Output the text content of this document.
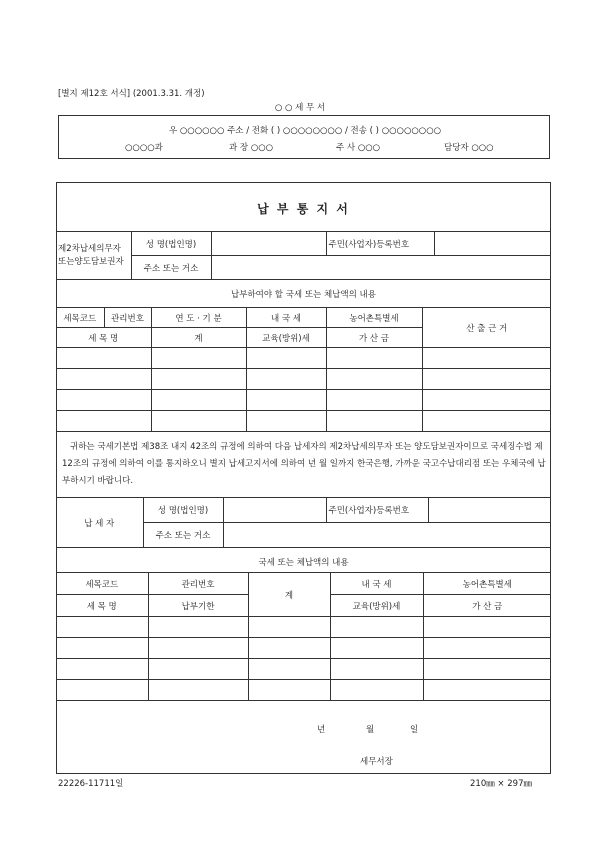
[별지 제12호 서식] (2001.3.31. 개정)
○ ○ 세 무 서
우 ○○○○○○ 주소 / 전화 ( ) ○○○○○○○○ / 전송 ( ) ○○○○○○○○
○○○○과	과 장 ○○○	주 사 ○○○	담당자 ○○○
납 부 통 지 서
제2차납세의무자또는양도담보권자	성 명(법인명)		주민(사업자)등록번호	
	주소 또는 거소			
납부하여야 할 국세 또는 체납액의 내용
세목코드	관리번호	연 도 · 기 분	내 국 세	농어촌특별세	산 출 근 거
세 목 명		계	교육(방위)세	가 산 금	

귀하는 국세기본법 제38조 내지 42조의 규정에 의하여 다음 납세자의 제2차납세의무자 또는 양도담보권자이므로 국세징수법 제12조의 규정에 의하여 이를 통지하오니 별지 납세고지서에 의하여 년 월 일까지 한국은행, 가까운 국고수납대리점 또는 우체국에 납부하시기 바랍니다.
납 세 자	성 명(법인명)		주민(사업자)등록번호	
	주소 또는 거소			
국세 또는 체납액의 내용
세목코드	관리번호	계	내 국 세	농어촌특별세
세 목 명	납부기한		교육(방위)세	가 산 금

년	월	일
세무서장
22226-11711일	210㎜ × 297㎜
